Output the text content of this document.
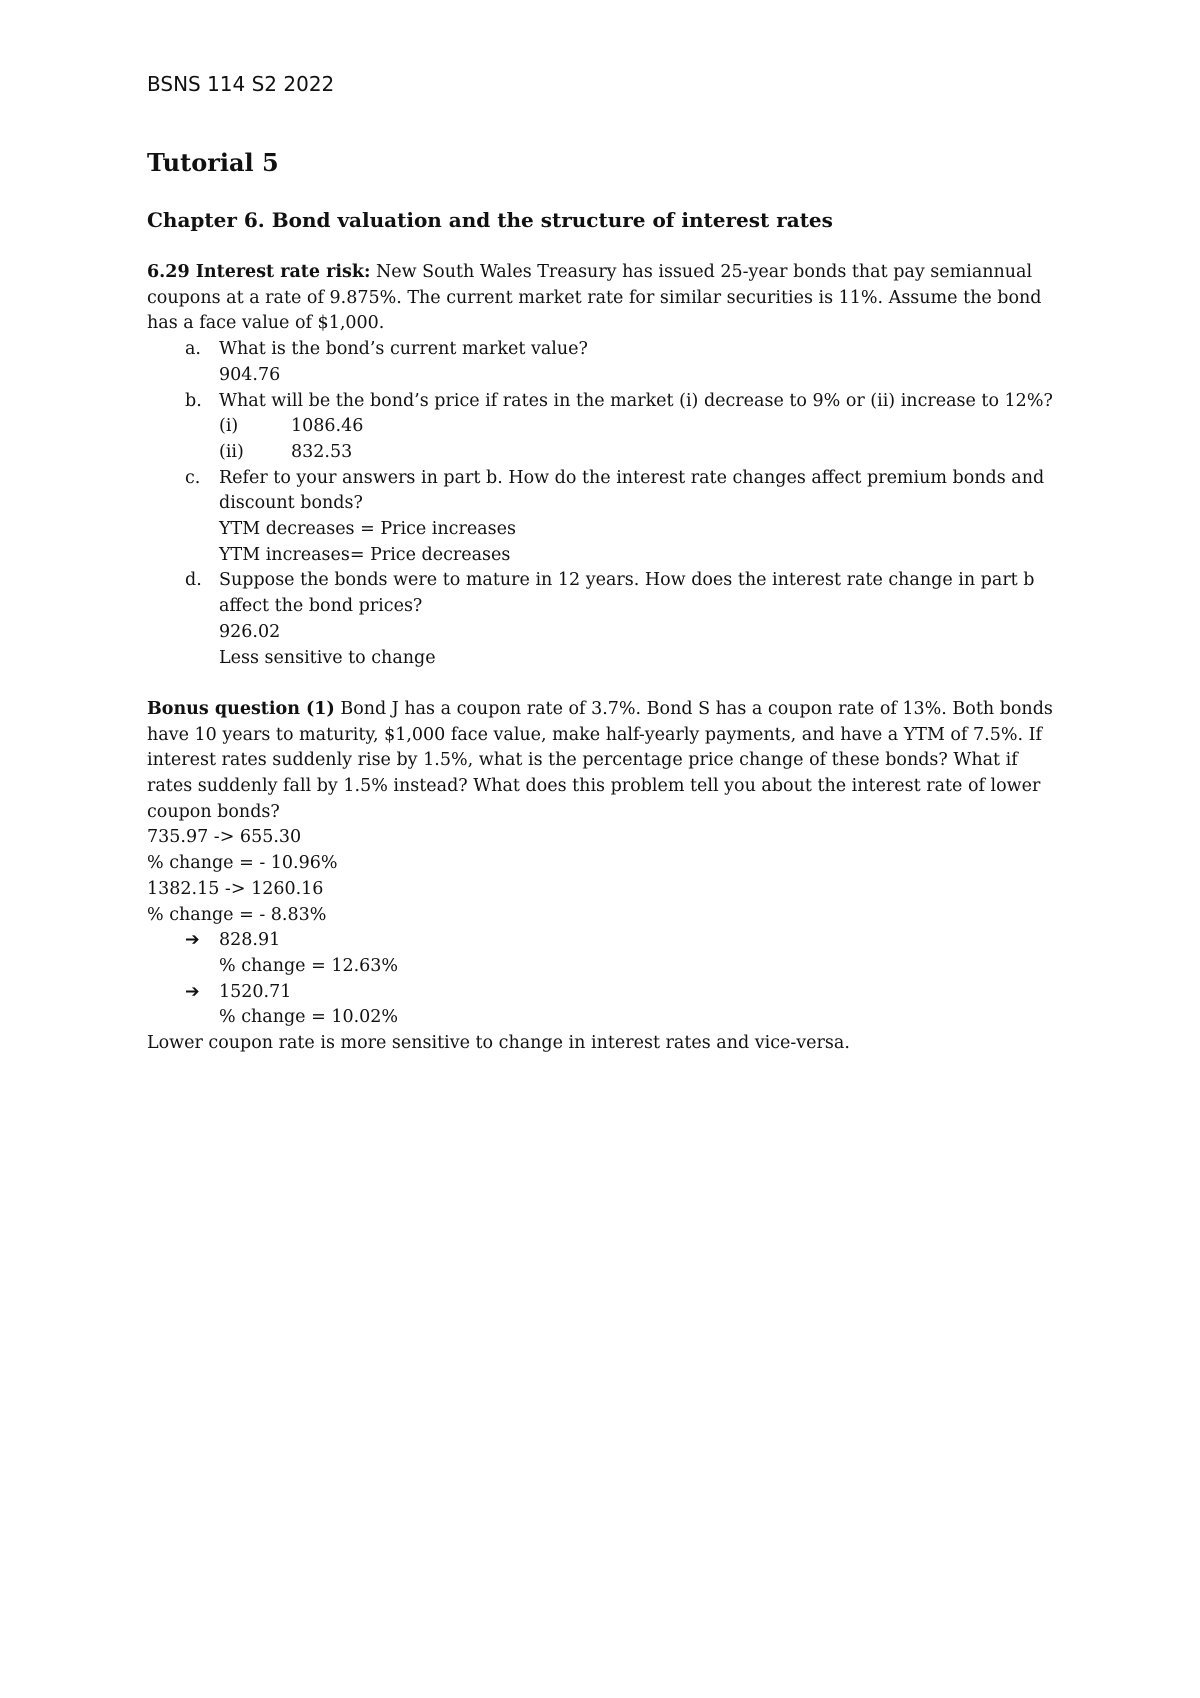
BSNS 114 S2 2022
Tutorial 5
Chapter 6. Bond valuation and the structure of interest rates

6.29 Interest rate risk: New South Wales Treasury has issued 25-year bonds that pay semiannual coupons at a rate of 9.875%. The current market rate for similar securities is 11%. Assume the bond has a face value of $1,000.

a.	What is the bond’s current market value?
904.76
b. What will be the bond’s price if rates in the market (i) decrease to 9% or (ii) increase to 12%?
(i)	1086.46
(ii)	832.53
c.	Refer to your answers in part b. How do the interest rate changes affect premium bonds and discount bonds?
YTM decreases = Price increases
YTM increases= Price decreases
d. Suppose the bonds were to mature in 12 years. How does the interest rate change in part b affect the bond prices?
926.02
Less sensitive to change

Bonus question (1) Bond J has a coupon rate of 3.7%. Bond S has a coupon rate of 13%. Both bonds have 10 years to maturity, $1,000 face value, make half-yearly payments, and have a YTM of 7.5%. If interest rates suddenly rise by 1.5%, what is the percentage price change of these bonds? What if rates suddenly fall by 1.5% instead? What does this problem tell you about the interest rate of lower coupon bonds?

735.97 -> 655.30
% change = - 10.96%
1382.15 -> 1260.16
% change = - 8.83%
➔	828.91
% change = 12.63%
➔	1520.71
% change = 10.02%
Lower coupon rate is more sensitive to change in interest rates and vice-versa.
